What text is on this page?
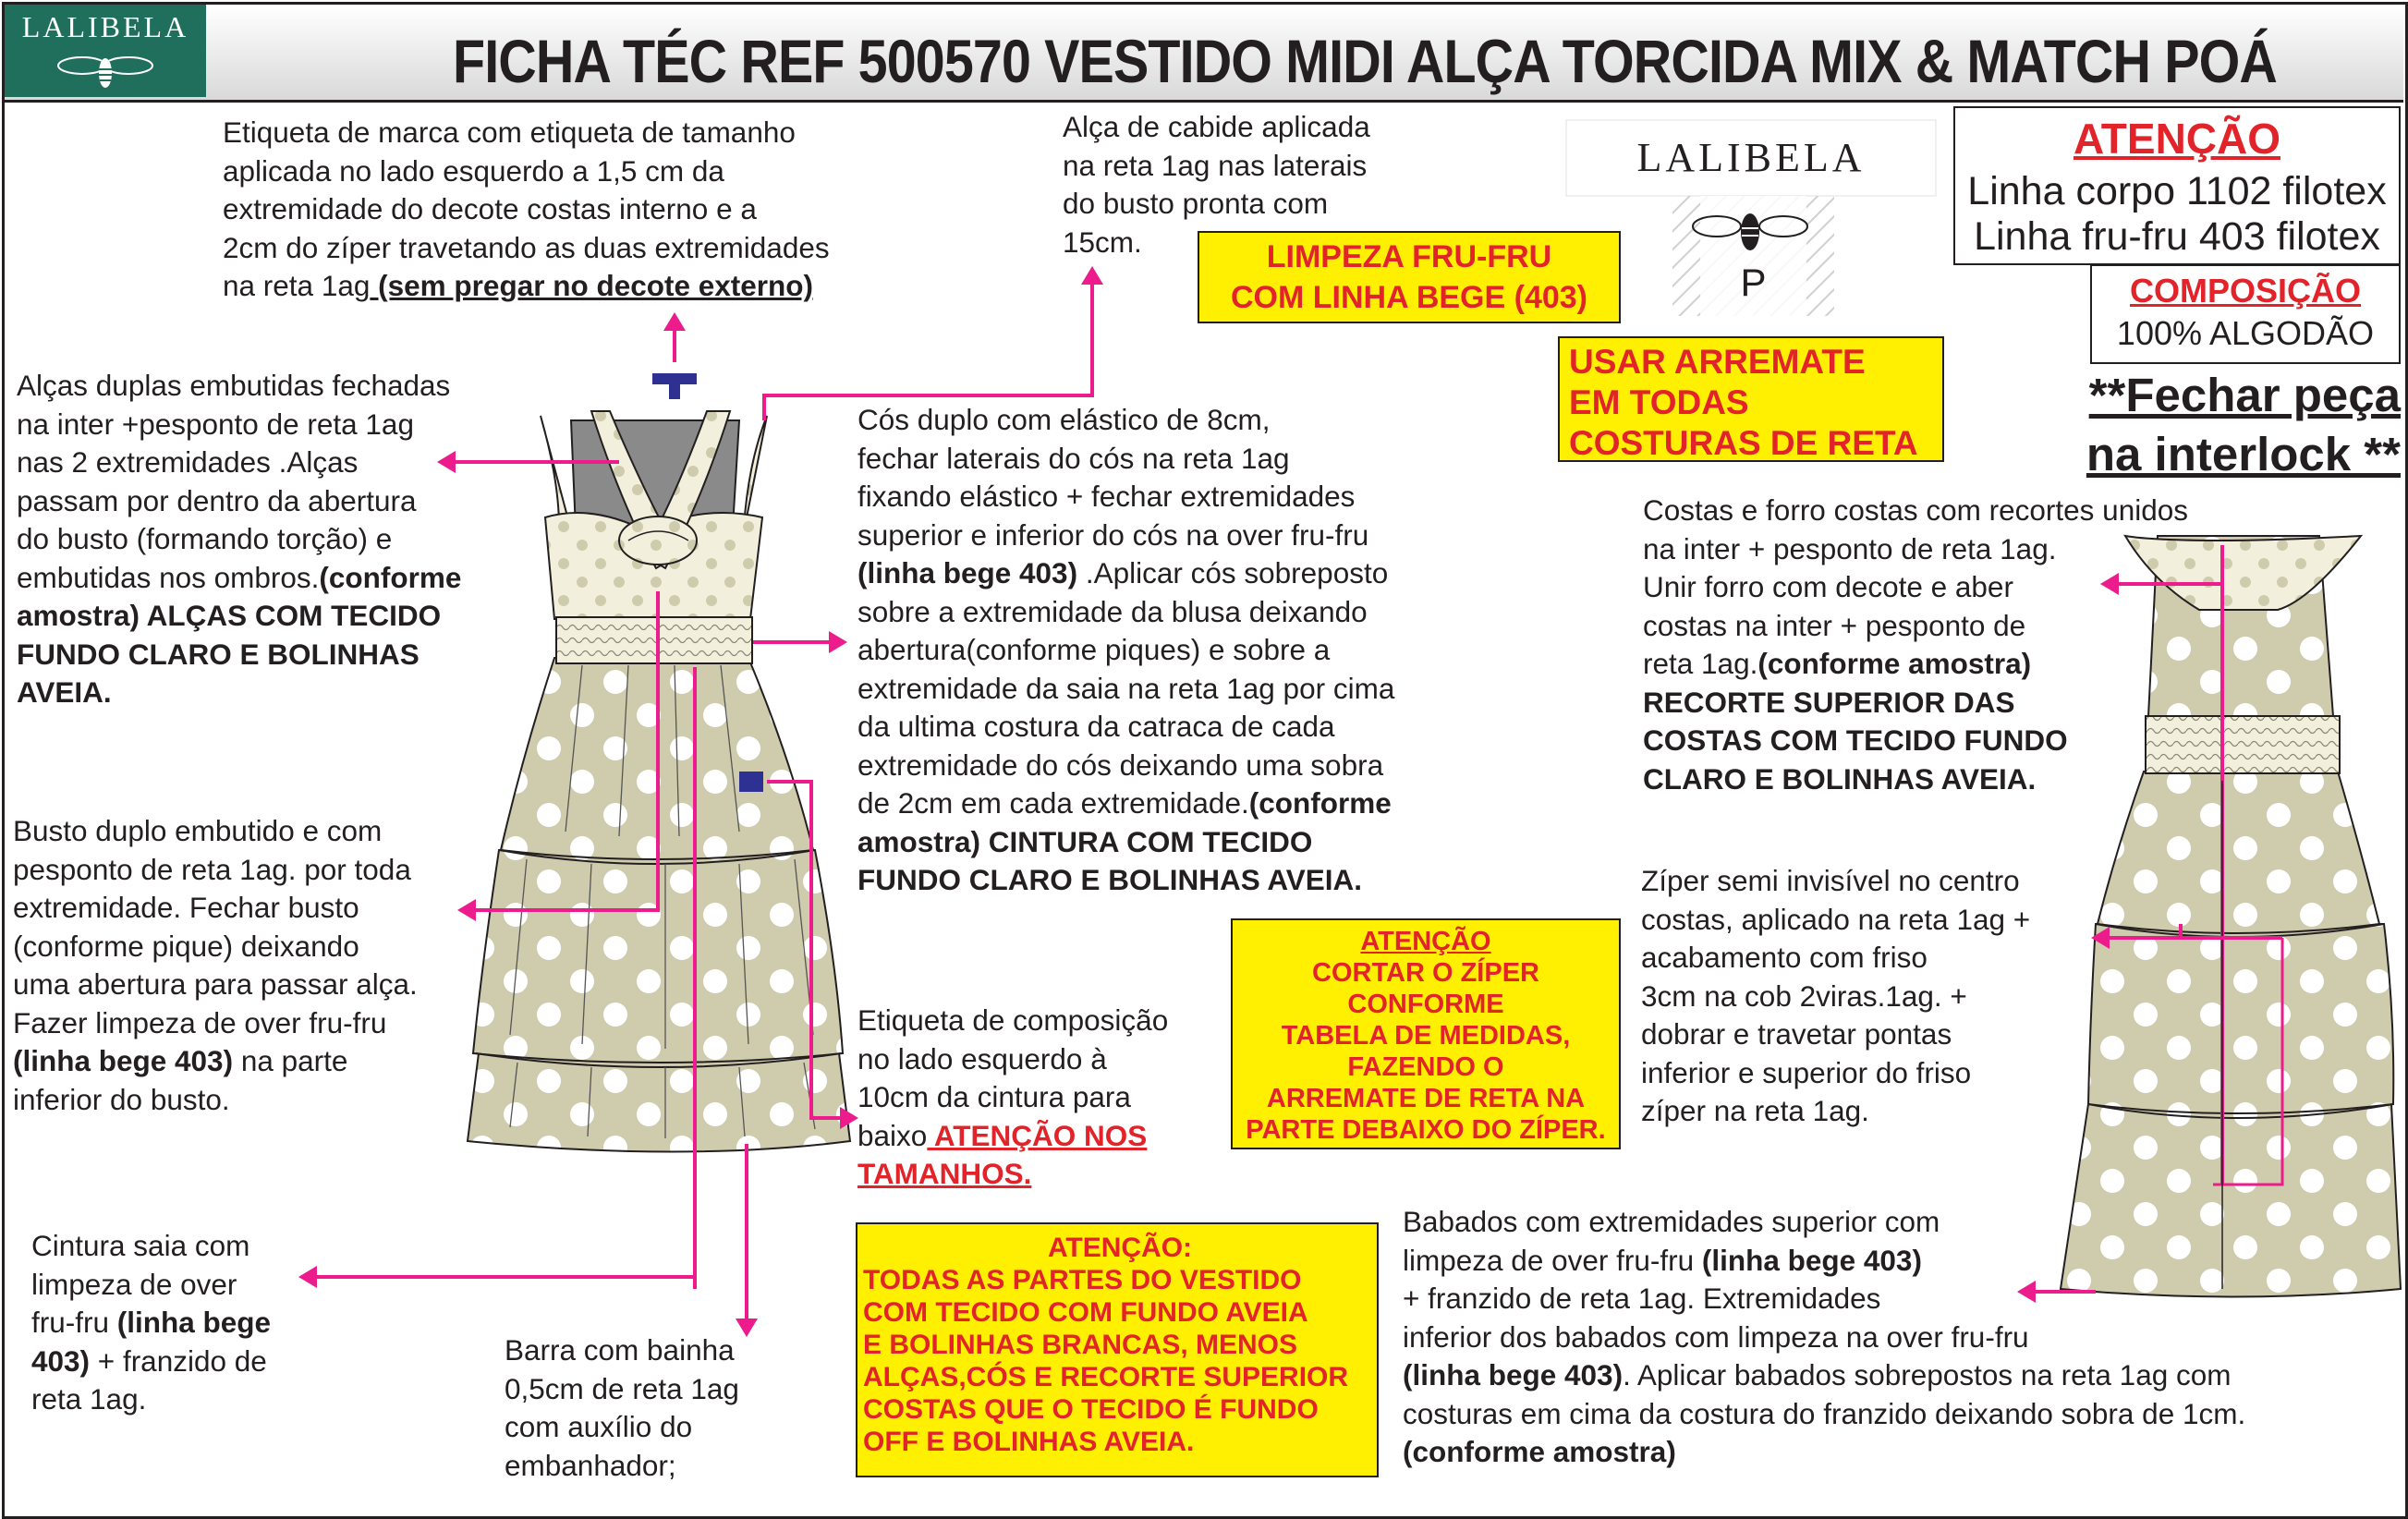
LALIBELA	FICHA TÉC REF 500570 VESTIDO MIDI ALÇA TORCIDA MIX & MATCH POÁ
LALIBELA
P
ATENÇÃO
Linha corpo 1102 filotex
Linha fru-fru 403 filotex
COMPOSIÇÃO
100% ALGODÃO
**Fechar peça
na interlock **
LIMPEZA FRU-FRU
COM LINHA BEGE (403)
USAR ARREMATE
EM TODAS
COSTURAS DE RETA
ATENÇÃO
CORTAR O ZÍPER
CONFORME
TABELA DE MEDIDAS,
FAZENDO O
ARREMATE DE RETA NA
PARTE DEBAIXO DO ZÍPER.
ATENÇÃO:
TODAS AS PARTES DO VESTIDO
COM TECIDO COM FUNDO AVEIA
E BOLINHAS BRANCAS, MENOS
ALÇAS,CÓS E RECORTE SUPERIOR
COSTAS QUE O TECIDO É FUNDO
OFF E BOLINHAS AVEIA.
Etiqueta de marca com etiqueta de tamanho
aplicada no lado esquerdo a 1,5 cm da
extremidade do decote costas interno e a
2cm do zíper travetando as duas extremidades
na reta 1ag (sem pregar no decote externo)
Alça de cabide aplicada
na reta 1ag nas laterais
do busto pronta com
15cm.
Alças duplas embutidas fechadas
na inter +pesponto de reta 1ag
nas 2 extremidades .Alças
passam por dentro da abertura
do busto (formando torção) e
embutidas nos ombros.(conforme
amostra) ALÇAS COM TECIDO
FUNDO CLARO E BOLINHAS
AVEIA.
Cós duplo com elástico de 8cm,
fechar laterais do cós na reta 1ag
fixando elástico + fechar extremidades
superior e inferior do cós na over fru-fru
(linha bege 403) .Aplicar cós sobreposto
sobre a extremidade da blusa deixando
abertura(conforme piques) e sobre a
extremidade da saia na reta 1ag por cima
da ultima costura da catraca de cada
extremidade do cós deixando uma sobra
de 2cm em cada extremidade.(conforme
amostra) CINTURA COM TECIDO
FUNDO CLARO E BOLINHAS AVEIA.
Costas e forro costas com recortes unidos
na inter + pesponto de reta 1ag.
Unir forro com decote e aber
costas na inter + pesponto de
reta 1ag.(conforme amostra)
RECORTE SUPERIOR DAS
COSTAS COM TECIDO FUNDO
CLARO E BOLINHAS AVEIA.
Busto duplo embutido e com
pesponto de reta 1ag. por toda
extremidade. Fechar busto
(conforme pique) deixando
uma abertura para passar alça.
Fazer limpeza de over fru-fru
(linha bege 403) na parte
inferior do busto.
Etiqueta de composição
no lado esquerdo à
10cm da cintura para
baixo ATENÇÃO NOS
TAMANHOS.
Zíper semi invisível no centro
costas, aplicado na reta 1ag +
acabamento com friso
3cm na cob 2viras.1ag. +
dobrar e travetar pontas
inferior e superior do friso
zíper na reta 1ag.
Cintura saia com
limpeza de over
fru-fru (linha bege
403) + franzido de
reta 1ag.
Barra com bainha
0,5cm de reta 1ag
com auxílio do
embanhador;
Babados com extremidades superior com
limpeza de over fru-fru (linha bege 403)
+ franzido de reta 1ag. Extremidades
inferior dos babados com limpeza na over fru-fru
(linha bege 403). Aplicar babados sobrepostos na reta 1ag com
costuras em cima da costura do franzido deixando sobra de 1cm.
(conforme amostra)
